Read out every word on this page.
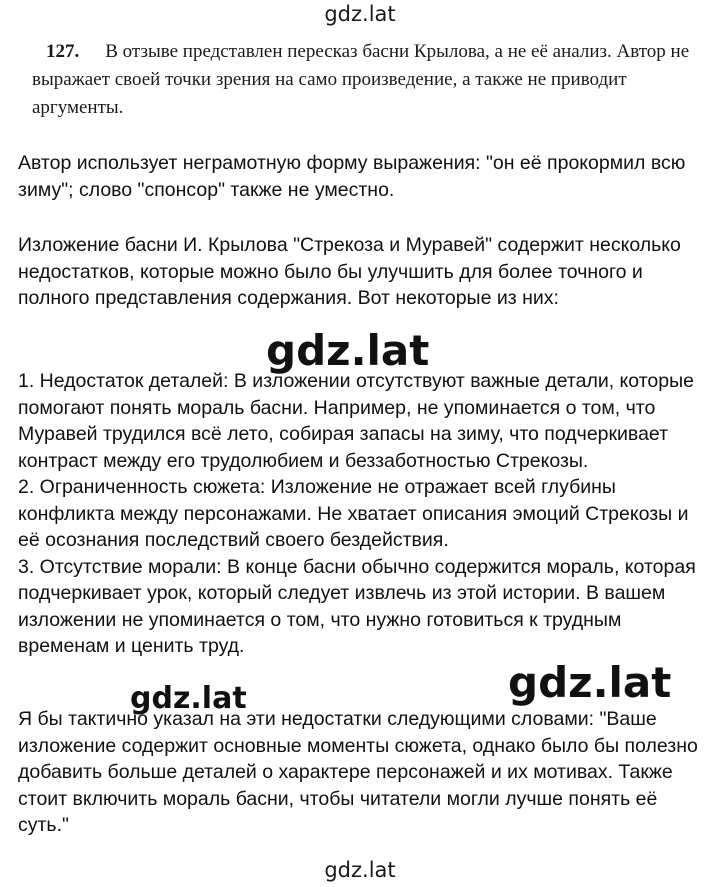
gdz.lat
127. В отзыве представлен пересказ басни Крылова, а не её анализ. Автор не выражает своей точки зрения на само произведение, а также не приводит аргументы.
Автор использует неграмотную форму выражения: "он её прокормил всю зиму"; слово "спонсор" также не уместно.
Изложение басни И. Крылова "Стрекоза и Муравей" содержит несколько недостатков, которые можно было бы улучшить для более точного и полного представления содержания. Вот некоторые из них:
1. Недостаток деталей: В изложении отсутствуют важные детали, которые помогают понять мораль басни. Например, не упоминается о том, что Муравей трудился всё лето, собирая запасы на зиму, что подчеркивает контраст между его трудолюбием и беззаботностью Стрекозы.
2. Ограниченность сюжета: Изложение не отражает всей глубины конфликта между персонажами. Не хватает описания эмоций Стрекозы и её осознания последствий своего бездействия.
3. Отсутствие морали: В конце басни обычно содержится мораль, которая подчеркивает урок, который следует извлечь из этой истории. В вашем изложении не упоминается о том, что нужно готовиться к трудным временам и ценить труд.
Я бы тактично указал на эти недостатки следующими словами: "Ваше изложение содержит основные моменты сюжета, однако было бы полезно добавить больше деталей о характере персонажей и их мотивах. Также стоит включить мораль басни, чтобы читатели могли лучше понять её суть."
gdz.lat
gdz.lat
gdz.lat
gdz.lat
